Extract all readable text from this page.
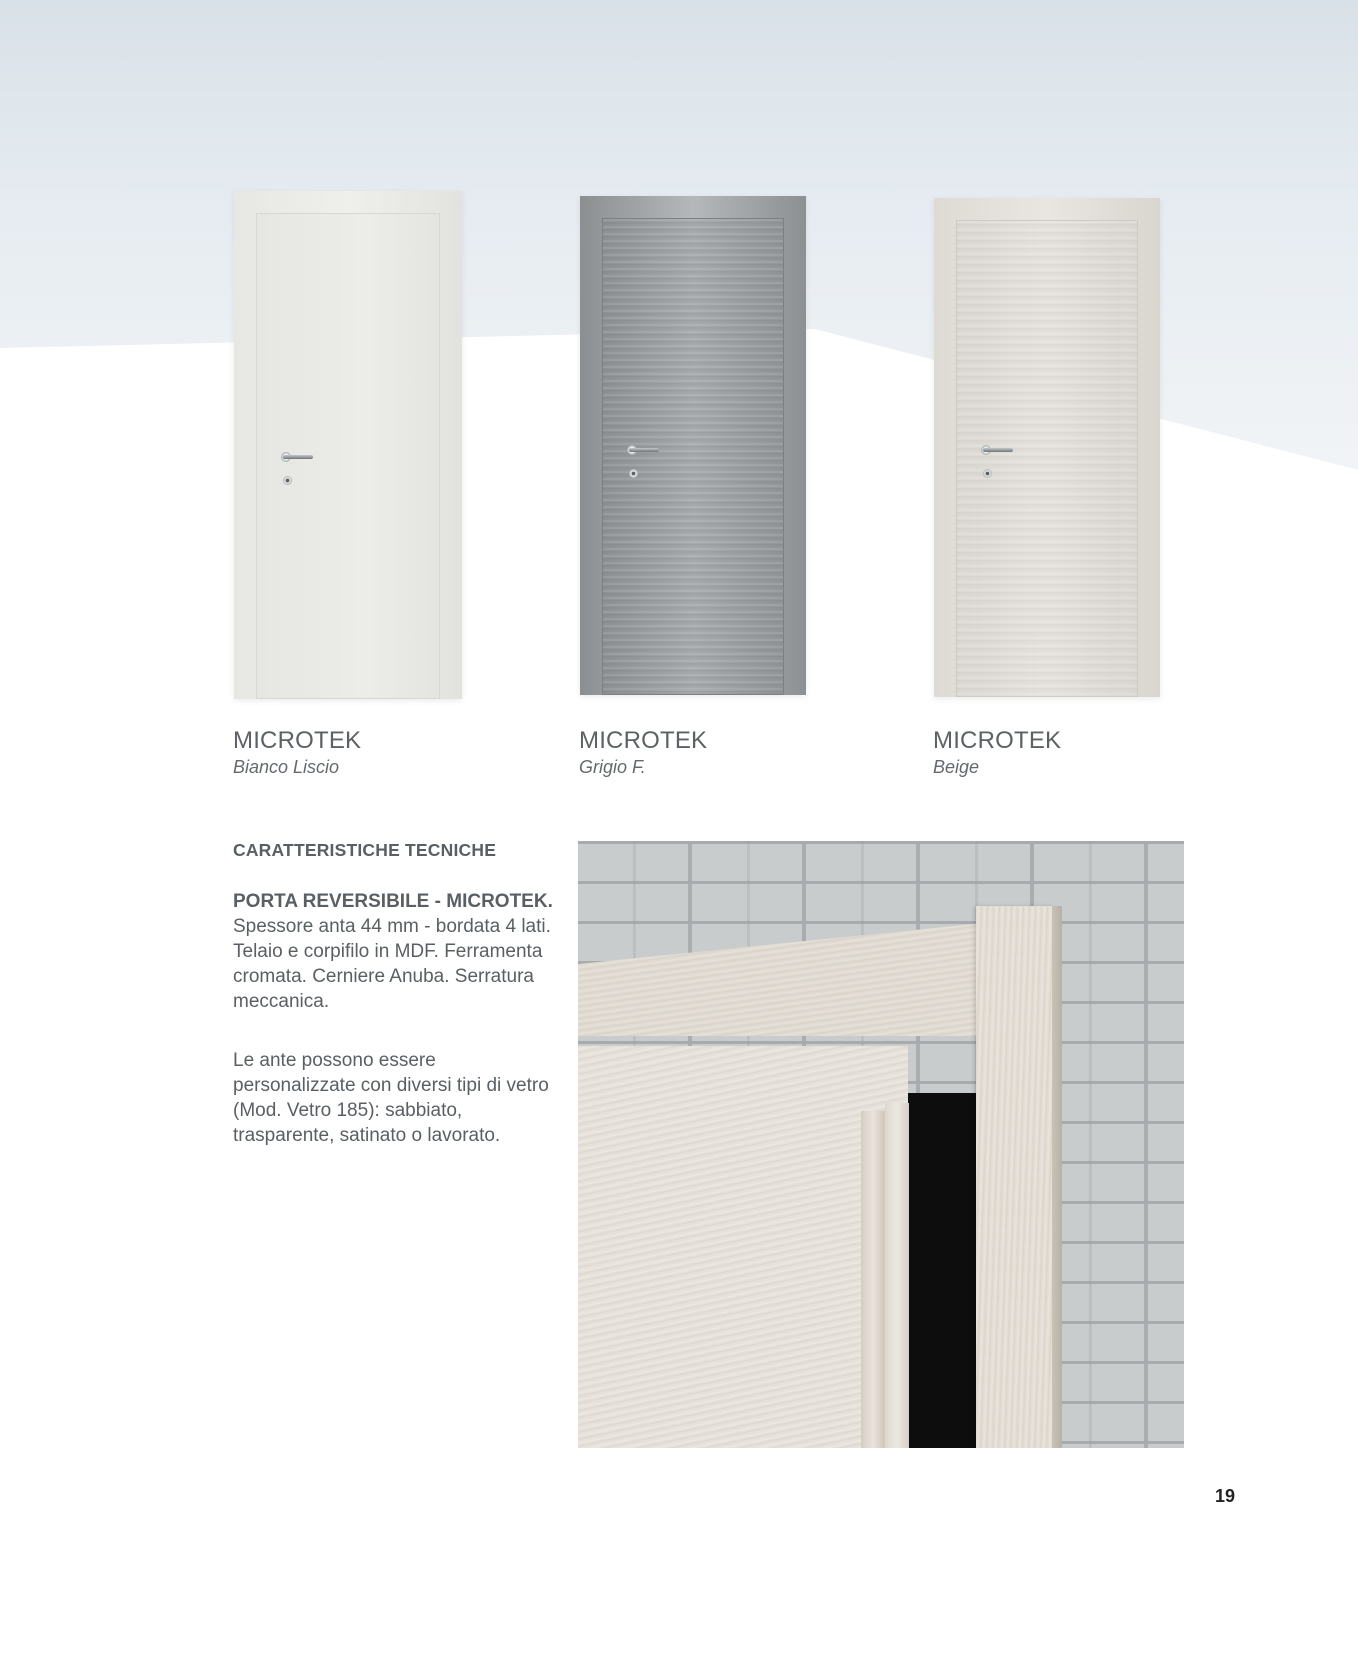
MICROTEK
Bianco Liscio
MICROTEK
Grigio F.
MICROTEK
Beige
CARATTERISTICHE TECNICHE

PORTA REVERSIBILE - MICROTEK. Spessore anta 44 mm - bordata 4 lati. Telaio e corpifilo in MDF. Ferramenta cromata. Cerniere Anuba. Serratura meccanica.

Le ante possono essere personalizzate con diversi tipi di vetro (Mod. Vetro 185): sabbiato, trasparente, satinato o lavorato.

19
